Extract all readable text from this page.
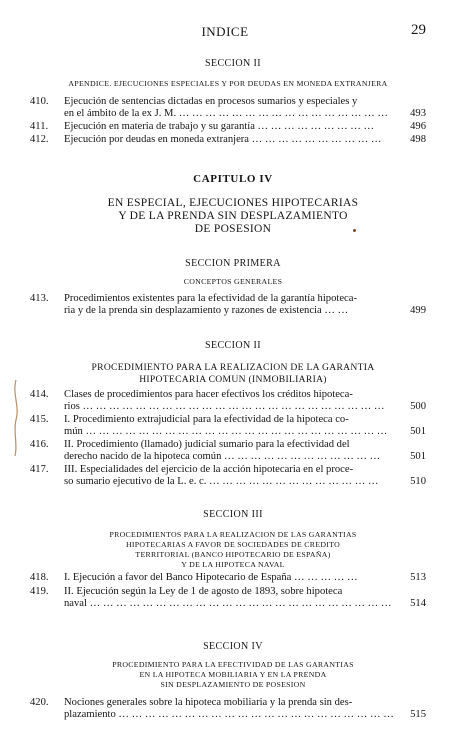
INDICE	29
SECCION II
APENDICE. EJECUCIONES ESPECIALES Y POR DEUDAS EN MONEDA EXTRANJERA
410.	Ejecución de sentencias dictadas en procesos sumarios y especiales y
en el ámbito de la ex J. M. … … … … … … … … … … … … … … … … 493
411.	Ejecución en materia de trabajo y su garantía … … … … … … … … …	496
412.	Ejecución por deudas en moneda extranjera … … … … … … … … … …	498
CAPITULO IV
EN ESPECIAL, EJECUCIONES HIPOTECARIAS
Y DE LA PRENDA SIN DESPLAZAMIENTO
DE POSESION
SECCION PRIMERA
CONCEPTOS GENERALES
413.	Procedimientos existentes para la efectividad de la garantía hipoteca-
ria y de la prenda sin desplazamiento y razones de existencia … …	499
SECCION II
PROCEDIMIENTO PARA LA REALIZACION DE LA GARANTIA
HIPOTECARIA COMUN (INMOBILIARIA)
414.	Clases de procedimientos para hacer efectivos los créditos hipoteca-
rios … … … … … … … … … … … … … … … … … … … … … … … 500
415.	I. Procedimiento extrajudicial para la efectividad de la hipoteca co-
mún … … … … … … … … … … … … … … … … … … … … … … … 501
416.	II. Procedimiento (llamado) judicial sumario para la efectividad del
derecho nacido de la hipoteca común … … … … … … … … … … … …	501
417.	III. Especialidades del ejercicio de la acción hipotecaria en el proce-
so sumario ejecutivo de la L. e. c. … … … … … … … … … … … … …	510
SECCION III
PROCEDIMIENTOS PARA LA REALIZACION DE LAS GARANTIAS
HIPOTECARIAS A FAVOR DE SOCIEDADES DE CREDITO
TERRITORIAL (BANCO HIPOTECARIO DE ESPAÑA)
Y DE LA HIPOTECA NAVAL
418.	I. Ejecución a favor del Banco Hipotecario de España … … … … …	513
419.	II. Ejecución según la Ley de 1 de agosto de 1893, sobre hipoteca
naval … … … … … … … … … … … … … … … … … … … … … … … 514
SECCION IV
PROCEDIMIENTO PARA LA EFECTIVIDAD DE LAS GARANTIAS
EN LA HIPOTECA MOBILIARIA Y EN LA PRENDA
SIN DESPLAZAMIENTO DE POSESION
420.	Nociones generales sobre la hipoteca mobiliaria y la prenda sin des-
plazamiento … … … … … … … … … … … … … … … … … … … … … 515
